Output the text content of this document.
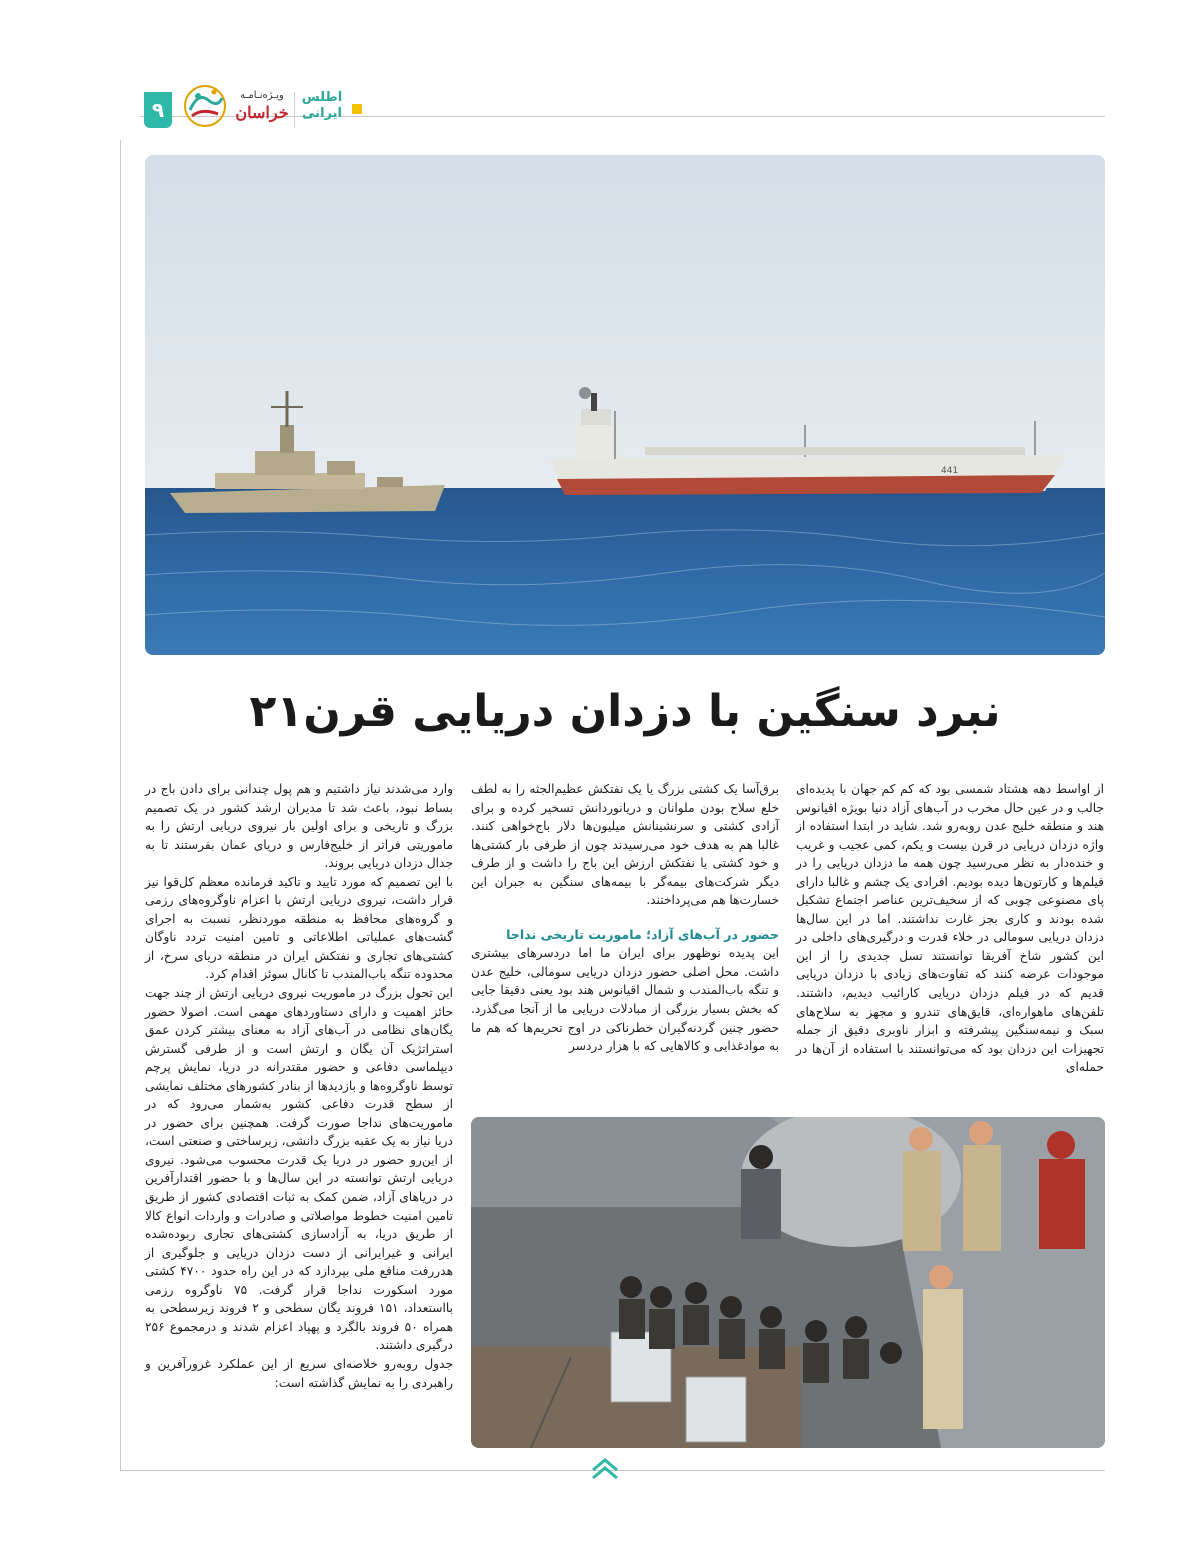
۹
ویـژه‌نـامـه
خراسان
اطلس
ایرانی
441
نبرد سنگین با دزدان دریایی قرن۲۱

از اواسط دهه هشتاد شمسی بود که کم کم جهان با پدیده‌ای جالب و در عین حال مخرب در آب‌های آزاد دنیا بویژه اقیانوس هند و منطقه خلیج عدن روبه‌رو شد. شاید در ابتدا استفاده از واژه دزدان دریایی در قرن بیست و یکم، کمی عجیب و غریب و خنده‌دار به نظر می‌رسید چون همه ما دزدان دریایی را در فیلم‌ها و کارتون‌ها دیده بودیم. افرادی یک چشم و غالبا دارای پای مصنوعی چوبی که از سخیف‌ترین عناصر اجتماع تشکیل شده بودند و کاری بجز غارت نداشتند. اما در این سال‌ها دزدان دریایی سومالی در خلاء قدرت و درگیری‌های داخلی در این کشور شاخ آفریقا توانستند نسل جدیدی را از این موجودات عرضه کنند که تفاوت‌های زیادی با دزدان دریایی قدیم که در فیلم دزدان دریایی کارائیب دیدیم، داشتند. تلفن‌های ماهواره‌ای، قایق‌های تندرو و مجهز به سلاح‌های سبک و نیمه‌سنگین پیشرفته و ابزار ناوبری دقیق از جمله تجهیزات این دزدان بود که می‌توانستند با استفاده از آن‌ها در حمله‌ای

برق‌آسا یک کشتی بزرگ یا یک نفتکش عظیم‌الجثه را به لطف خلع سلاح بودن ملوانان و دریانوردانش تسخیر کرده و برای آزادی کشتی و سرنشینانش میلیون‌ها دلار باج‌خواهی کنند. غالبا هم به هدف خود می‌رسیدند چون از طرفی بار کشتی‌ها و خود کشتی یا نفتکش ارزش این باج را داشت و از طرف دیگر شرکت‌های بیمه‌گر با بیمه‌های سنگین به جبران این خسارت‌ها هم می‌پرداختند.

حضور در آب‌های آزاد؛ ماموریت تاریخی نداجا

این پدیده نوظهور برای ایران ما اما دردسرهای بیشتری داشت. محل اصلی حضور دزدان دریایی سومالی، خلیج عدن و تنگه باب‌المندب و شمال اقیانوس هند بود یعنی دقیقا جایی که بخش بسیار بزرگی از مبادلات دریایی ما از آنجا می‌گذرد. حضور چنین گردنه‌گیران خطرناکی در اوج تحریم‌ها که هم ما به موادغذایی و کالاهایی که با هزار دردسر

وارد می‌شدند نیاز داشتیم و هم پول چندانی برای دادن باج در بساط نبود، باعث شد تا مدیران ارشد کشور در یک تصمیم بزرگ و تاریخی و برای اولین بار نیروی دریایی ارتش را به ماموریتی فراتر از خلیج‌فارس و دریای عمان بفرستند تا به جدال دزدان دریایی بروند.

با این تصمیم که مورد تایید و تاکید فرمانده معظم کل‌قوا نیز قرار داشت، نیروی دریایی ارتش با اعزام ناوگروه‌های رزمی و گروه‌های محافظ به منطقه موردنظر، نسبت به اجرای گشت‌های عملیاتی اطلاعاتی و تامین امنیت تردد ناوگان کشتی‌های تجاری و نفتکش ایران در منطقه دریای سرخ، از محدوده تنگه باب‌المندب تا کانال سوئز اقدام کرد.

این تحول بزرگ در ماموریت نیروی دریایی ارتش از چند جهت حائز اهمیت و دارای دستاوردهای مهمی است. اصولا حضور یگان‌های نظامی در آب‌های آزاد به معنای بیشتر کردن عمق استراتژیک آن یگان و ارتش است و از طرفی گسترش دیپلماسی دفاعی و حضور مقتدرانه در دریا، نمایش پرچم توسط ناوگروه‌ها و بازدیدها از بنادر کشورهای مختلف نمایشی از سطح قدرت دفاعی کشور به‌شمار می‌رود که در ماموریت‌های نداجا صورت گرفت. همچنین برای حضور در دریا نیاز به یک عقبه بزرگ دانشی، زیرساختی و صنعتی است، از این‌رو حضور در دریا یک قدرت محسوب می‌شود. نیروی دریایی ارتش توانسته در این سال‌ها و با حضور اقتدارآفرین در دریاهای آزاد، ضمن کمک به ثبات اقتصادی کشور از طریق تامین امنیت خطوط مواصلاتی و صادرات و واردات انواع کالا از طریق دریا، به آزادسازی کشتی‌های تجاری ربوده‌شده ایرانی و غیرایرانی از دست دزدان دریایی و جلوگیری از هدررفت منافع ملی بپردازد که در این راه حدود ۴۷۰۰ کشتی مورد اسکورت نداجا قرار گرفت. ۷۵ ناوگروه رزمی بااستعداد، ۱۵۱ فروند یگان سطحی و ۲ فروند زیرسطحی به همراه ۵۰ فروند بالگرد و پهپاد اعزام شدند و درمجموع ۲۵۶ درگیری داشتند.

جدول روبه‌رو خلاصه‌ای سریع از این عملکرد غرورآفرین و راهبردی را به نمایش گذاشته است:
